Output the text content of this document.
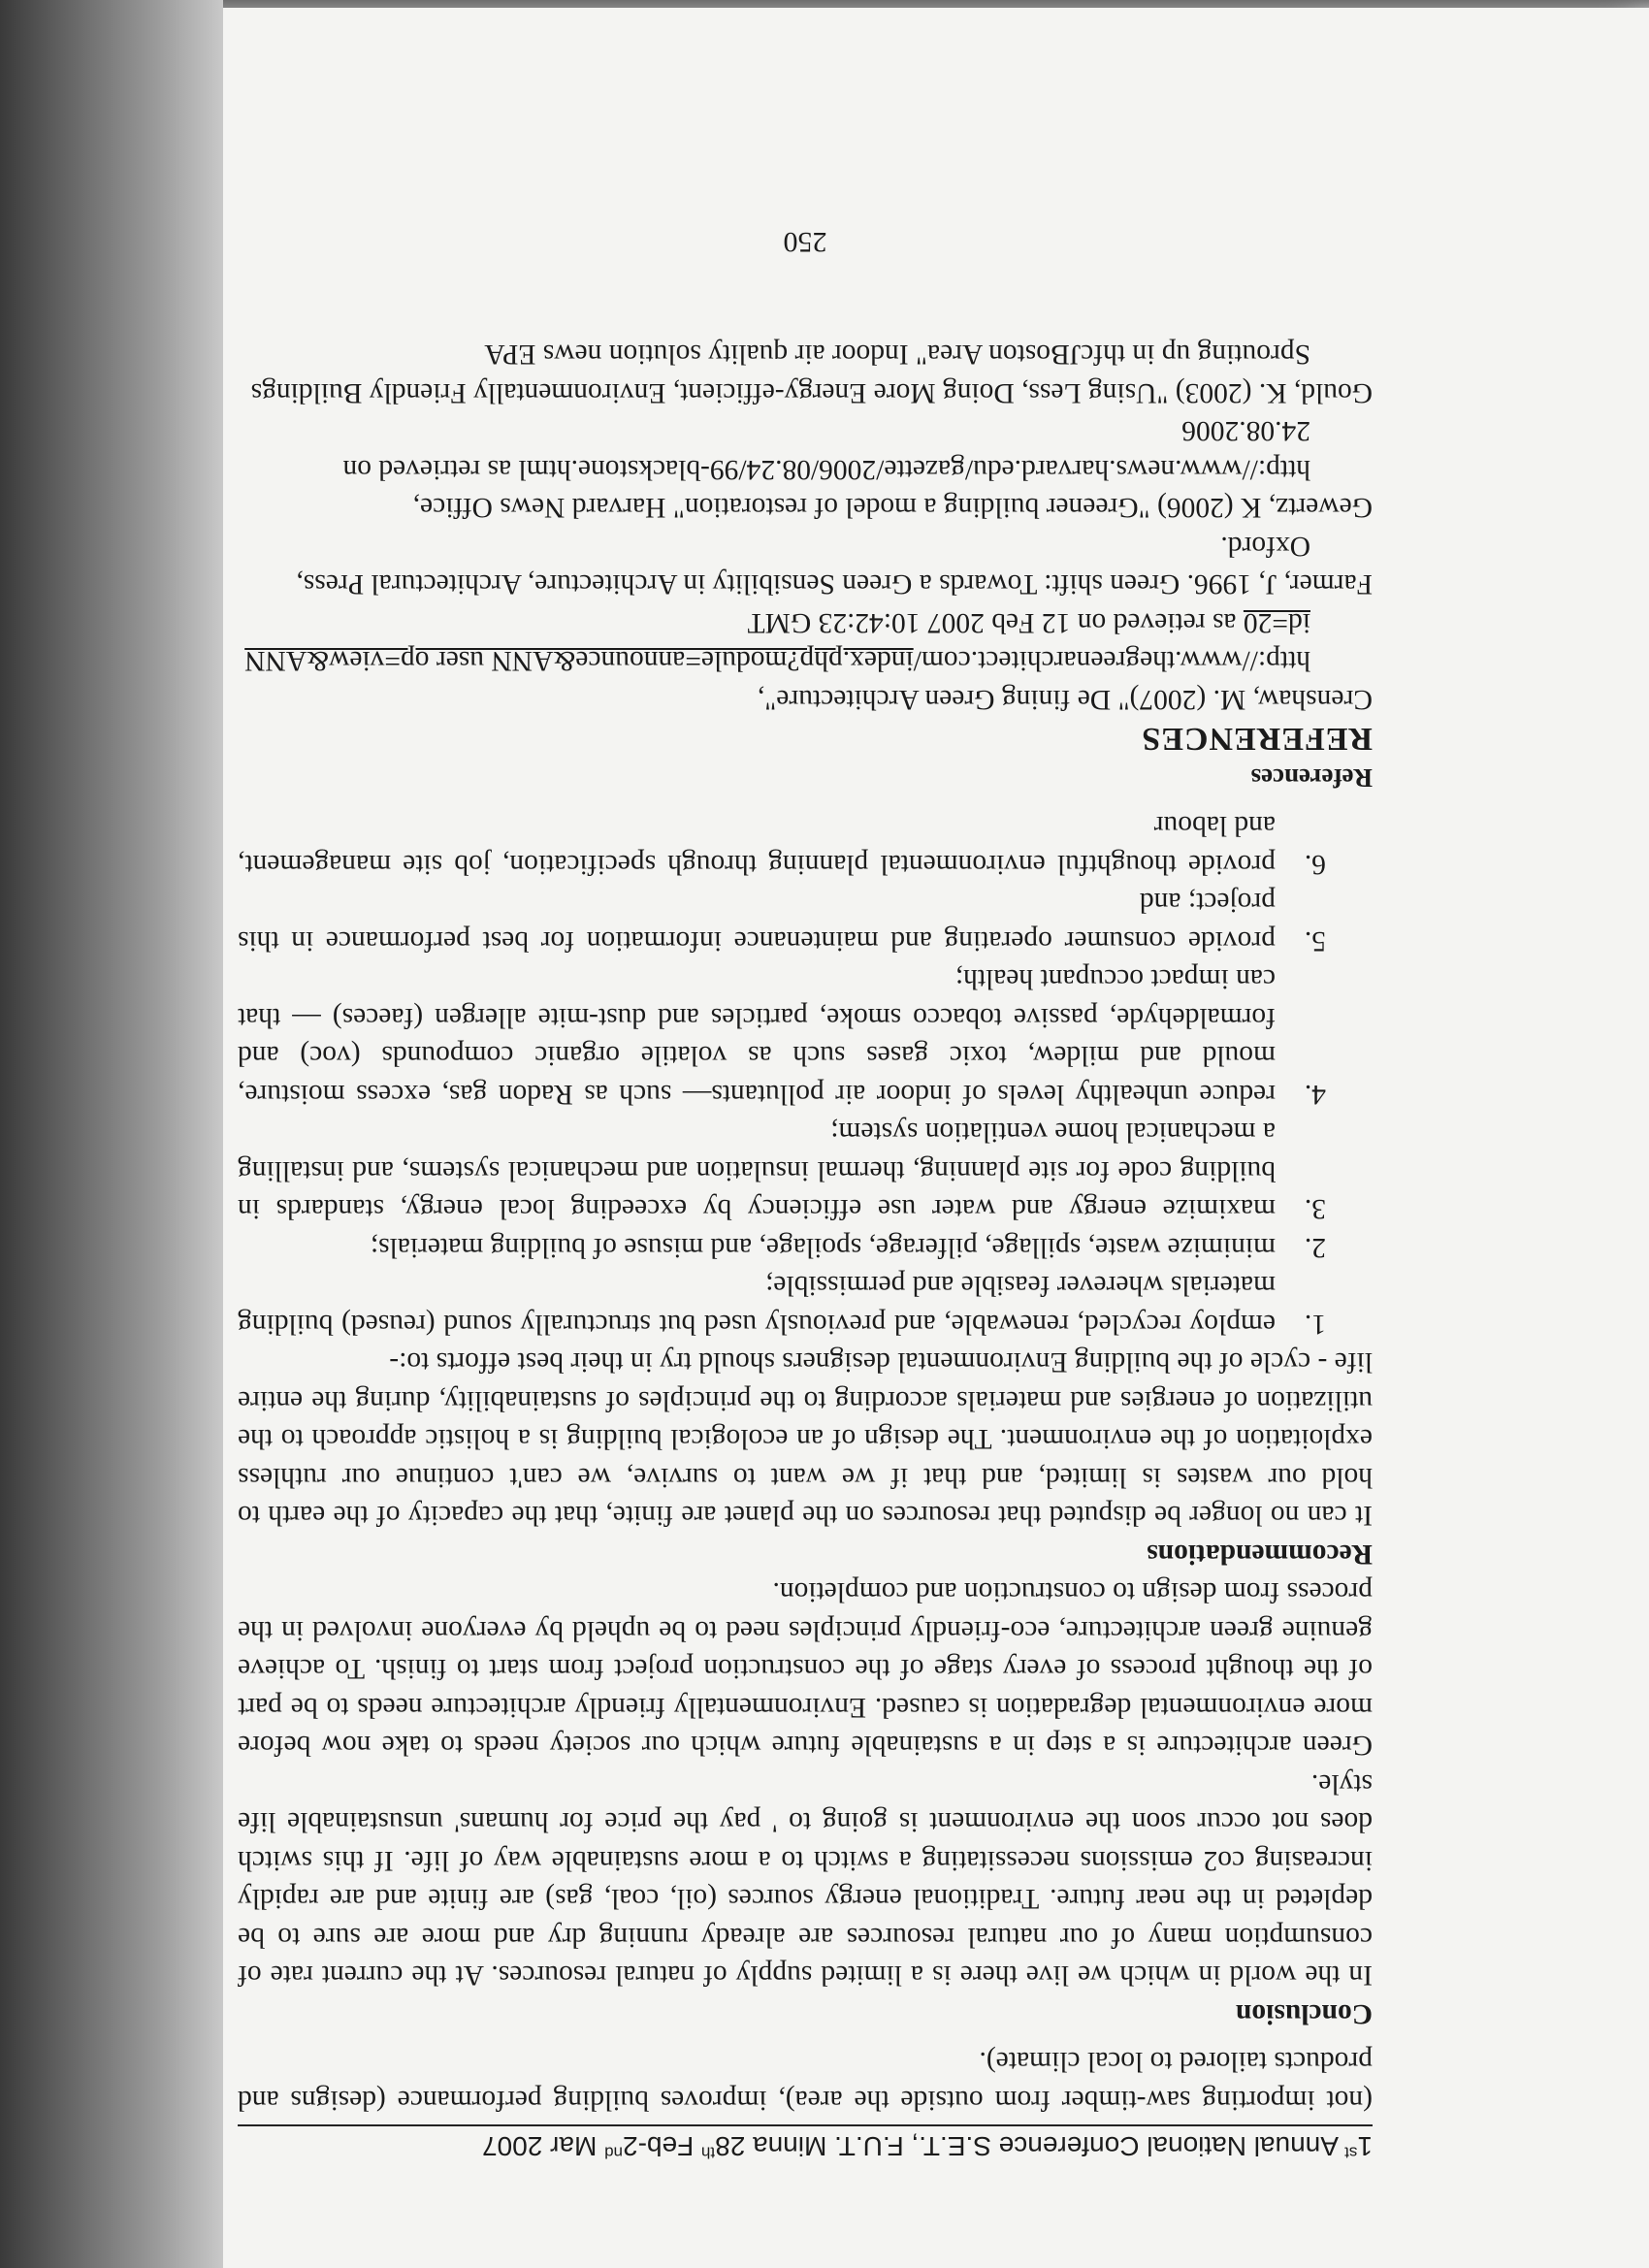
1st Annual National Conference S.E.T., F.U.T. Minna 28th Feb-2nd Mar 2007

(not importing saw-timber from outside the area), improves building performance (designs and products tailored to local climate).

Conclusion

In the world in which we live there is a limited supply of natural resources. At the current rate of consumption many of our natural resources are already running dry and more are sure to be depleted in the near future. Traditional energy sources (oil, coal, gas) are finite and are rapidly increasing co2 emissions necessitating a switch to a more sustainable way of life. If this switch does not occur soon the environment is going to ' pay the price for humans' unsustainable life style.

Green architecture is a step in a sustainable future which our society needs to take now before more environmental degradation is caused. Environmentally friendly architecture needs to be part of the thought process of every stage of the construction project from start to finish. To achieve genuine green architecture, eco-friendly principles need to be upheld by everyone involved in the process from design to construction and completion.

Recommendations

It can no longer be disputed that resources on the planet are finite, that the capacity of the earth to hold our wastes is limited, and that if we want to survive, we can't continue our ruthless exploitation of the environment. The design of an ecological building is a holistic approach to the utilization of energies and materials according to the principles of sustainability, during the entire life - cycle of the building Environmental designers should try in their best efforts to:-

1.
employ recycled, renewable, and previously used but structurally sound (reused) building materials wherever feasible and permissible;
2.
minimize waste, spillage, pilferage, spoilage, and misuse of building materials;
3.
maximize energy and water use efficiency by exceeding local energy, standards in building code for site planning, thermal insulation and mechanical systems, and installing a mechanical home ventilation system;
4.
reduce unhealthy levels of indoor air pollutants— such as Radon gas, excess moisture, mould and mildew, toxic gases such as volatile organic compounds (voc) and formaldehyde, passive tobacco smoke, particles and dust-mite allergen (faeces) — that can impact occupant health;
5.
provide consumer operating and maintenance information for best performance in this project; and
6.
provide thoughtful environmental planning through specification, job site management, and labour

References

REFERENCES

Crenshaw, M. (2007)" De fining Green Architecture", http://www.thegreenarchitect.com/index.php?module=announce&ANN user op=view&ANN id=20 as retieved on 12 Feb 2007 10:42:23 GMT

Farmer, J, 1996. Green shift: Towards a Green Sensibility in Architecture, Architectural Press, Oxford.

Gewertz, K (2006) "Greener building a model of restoration" Harvard News Office, http://www.news.harvard.edu/gazette/2006/08.24/99-blackstone.html as retrieved on 24.08.2006

Gould, K. (2003) "Using Less, Doing More Energy-efficient, Environmentally Friendly Buildings Sprouting up in thfcJBoston Area" Indoor air quality solution news EPA

250
